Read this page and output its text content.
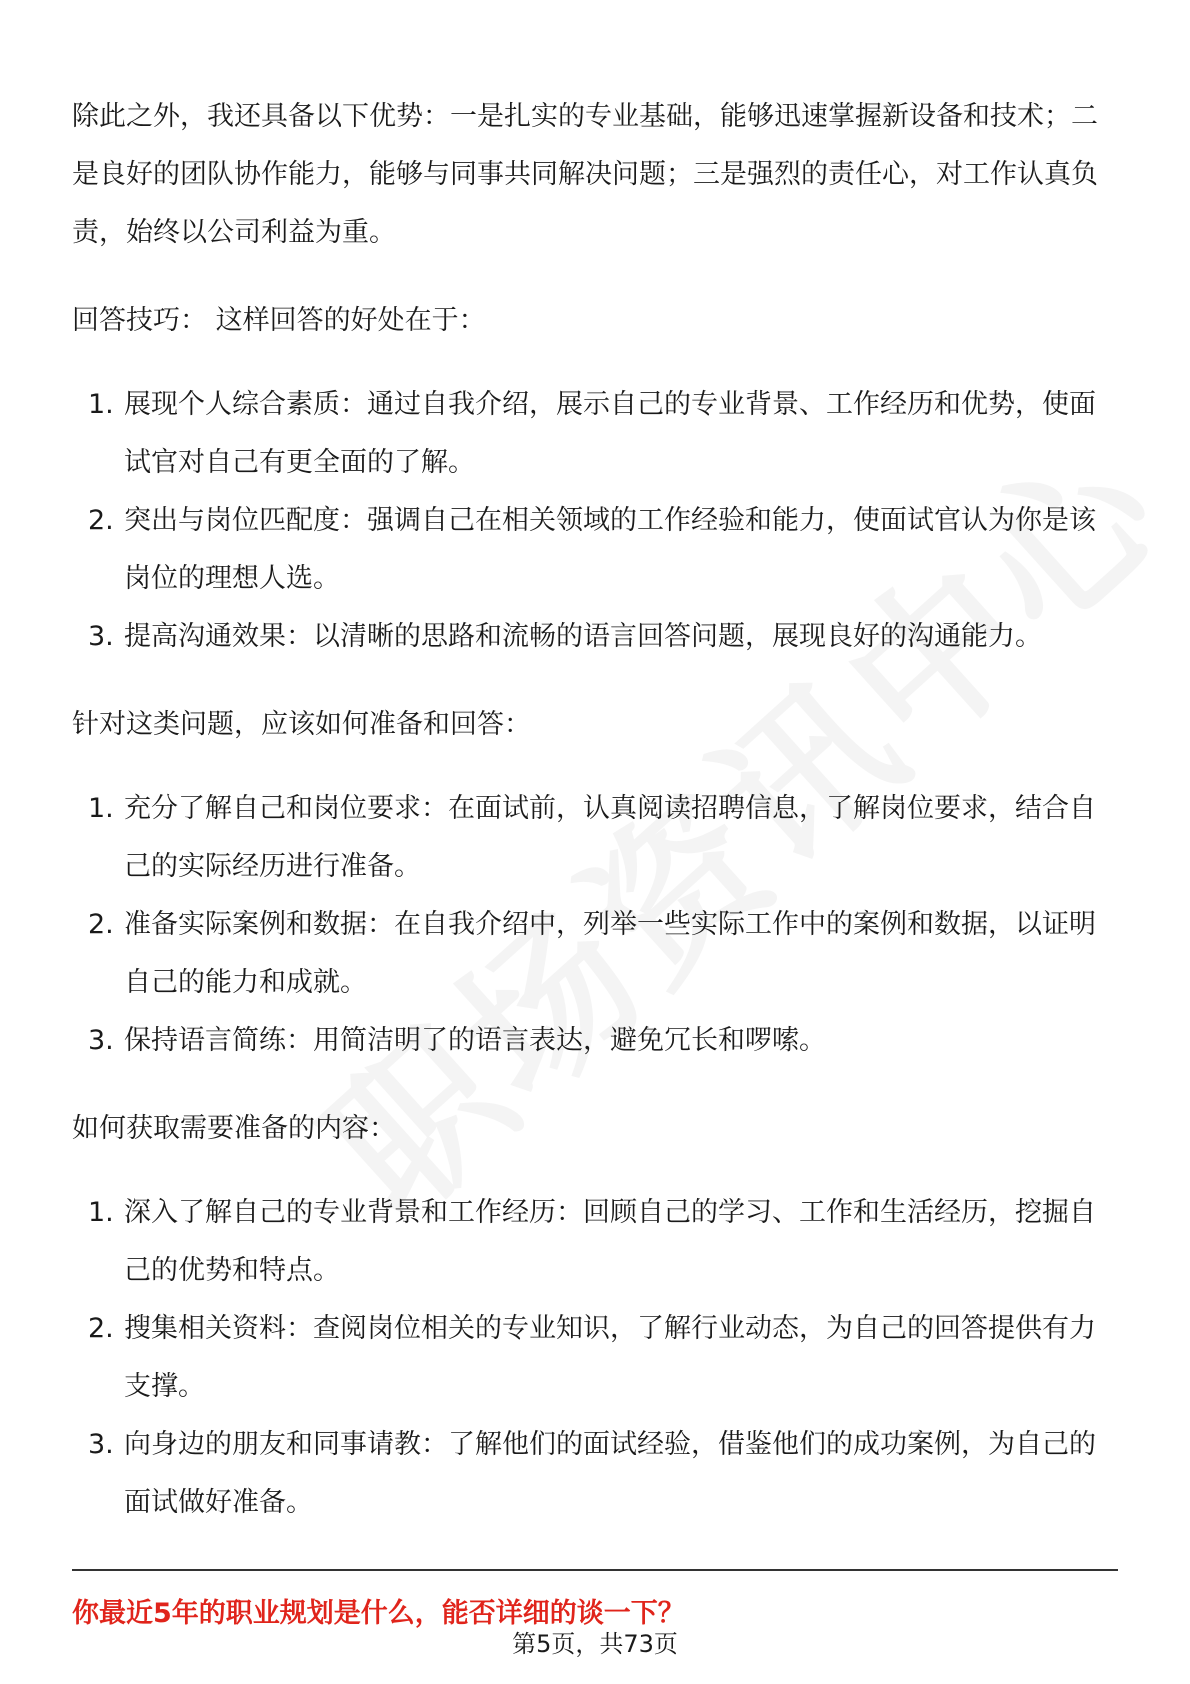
除此之外，我还具备以下优势：一是扎实的专业基础，能够迅速掌握新设备和技术；二是良好的团队协作能力，能够与同事共同解决问题；三是强烈的责任心，对工作认真负责，始终以公司利益为重。

回答技巧： 这样回答的好处在于：

1. 展现个人综合素质：通过自我介绍，展示自己的专业背景、工作经历和优势，使面试官对自己有更全面的了解。
2. 突出与岗位匹配度：强调自己在相关领域的工作经验和能力，使面试官认为你是该岗位的理想人选。
3. 提高沟通效果：以清晰的思路和流畅的语言回答问题，展现良好的沟通能力。

针对这类问题，应该如何准备和回答：

1. 充分了解自己和岗位要求：在面试前，认真阅读招聘信息，了解岗位要求，结合自己的实际经历进行准备。
2. 准备实际案例和数据：在自我介绍中，列举一些实际工作中的案例和数据，以证明自己的能力和成就。
3. 保持语言简练：用简洁明了的语言表达，避免冗长和啰嗦。

如何获取需要准备的内容：

1. 深入了解自己的专业背景和工作经历：回顾自己的学习、工作和生活经历，挖掘自己的优势和特点。
2. 搜集相关资料：查阅岗位相关的专业知识，了解行业动态，为自己的回答提供有力支撑。
3. 向身边的朋友和同事请教：了解他们的面试经验，借鉴他们的成功案例，为自己的面试做好准备。

你最近5年的职业规划是什么，能否详细的谈一下？

第5页，共73页
